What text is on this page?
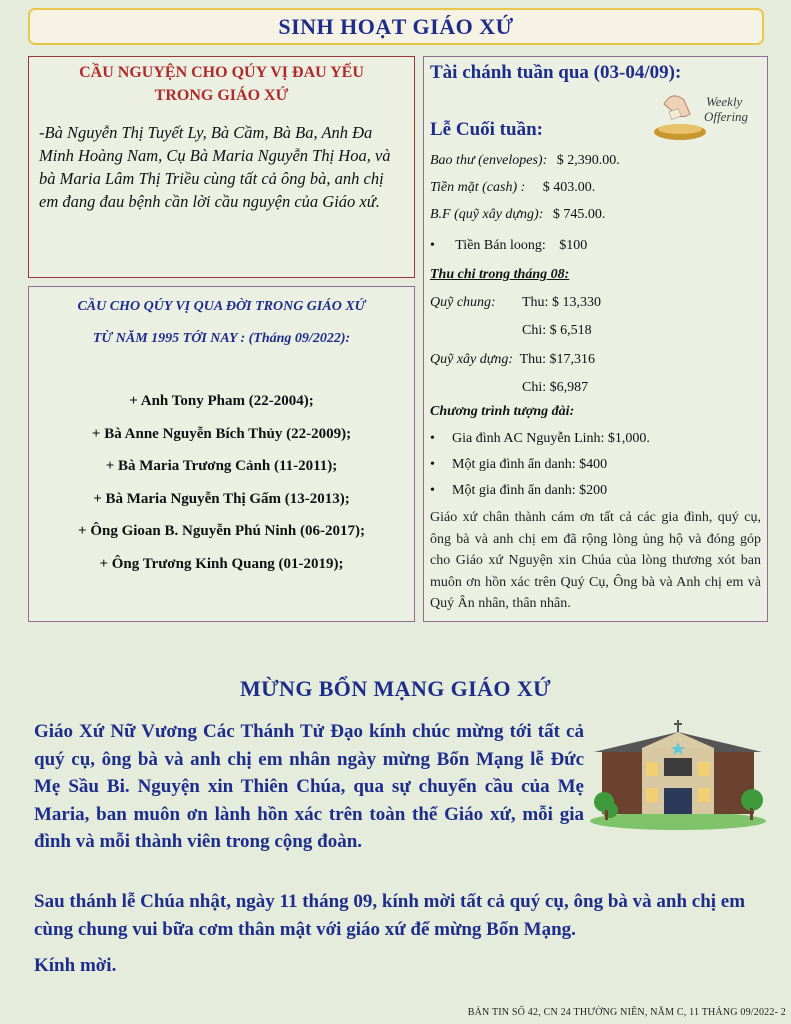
SINH HOẠT GIÁO XỨ
CẦU NGUYỆN CHO QÚY VỊ ĐAU YẾU
TRONG GIÁO XỨ
-Bà Nguyễn Thị Tuyết Ly, Bà Cầm, Bà Ba, Anh Đa Minh Hoàng Nam, Cụ Bà Maria Nguyễn Thị Hoa, và bà Maria Lâm Thị Triều cùng tất cả ông bà, anh chị em đang đau bệnh cần lời cầu nguyện của Giáo xứ.
CẦU CHO QÚY VỊ QUA ĐỜI TRONG GIÁO XỨ
TỪ NĂM 1995 TỚI NAY : (Tháng 09/2022):
+ Anh Tony Pham (22-2004);
+ Bà Anne Nguyễn Bích Thủy (22-2009);
+ Bà Maria Trương Cảnh (11-2011);
+ Bà Maria Nguyễn Thị Gấm (13-2013);
+ Ông Gioan B. Nguyễn Phú Ninh (06-2017);
+ Ông Trương Kinh Quang (01-2019);
Tài chánh tuần qua (03-04/09):
Lễ Cuối tuần:
Bao thư (envelopes): $ 2,390.00.
Tiền mặt (cash) : $ 403.00.
B.F (quỹ xây dựng): $ 745.00.
• Tiền Bán loong: $100
Thu chi trong tháng 08:
Quỹ chung: Thu: $ 13,330
Chi: $ 6,518
Quỹ xây dựng: Thu: $17,316
Chi: $6,987
Chương trình tượng đài:
• Gia đình AC Nguyễn Linh: $1,000.
• Một gia đình ẩn danh: $400
• Một gia đình ẩn danh: $200
Giáo xứ chân thành cám ơn tất cả các gia đình, quý cụ, ông bà và anh chị em đã rộng lòng ủng hộ và đóng góp cho Giáo xứ Nguyện xin Chúa của lòng thương xót ban muôn ơn hồn xác trên Quý Cụ, Ông bà và Anh chị em và Quý Ân nhân, thân nhân.
Weekly
Offering
MỪNG BỔN MẠNG GIÁO XỨ
Giáo Xứ Nữ Vương Các Thánh Tử Đạo kính chúc mừng tới tất cả quý cụ, ông bà và anh chị em nhân ngày mừng Bổn Mạng lễ Đức Mẹ Sầu Bi. Nguyện xin Thiên Chúa, qua sự chuyển cầu của Mẹ Maria, ban muôn ơn lành hồn xác trên toàn thể Giáo xứ, mỗi gia đình và mỗi thành viên trong cộng đoàn.
Sau thánh lễ Chúa nhật, ngày 11 tháng 09, kính mời tất cả quý cụ, ông bà và anh chị em cùng chung vui bữa cơm thân mật với giáo xứ để mừng Bổn Mạng.
Kính mời.
BẢN TIN SỐ 42, CN 24 THƯỜNG NIÊN, NĂM C, 11 THÁNG 09/2022- 2
